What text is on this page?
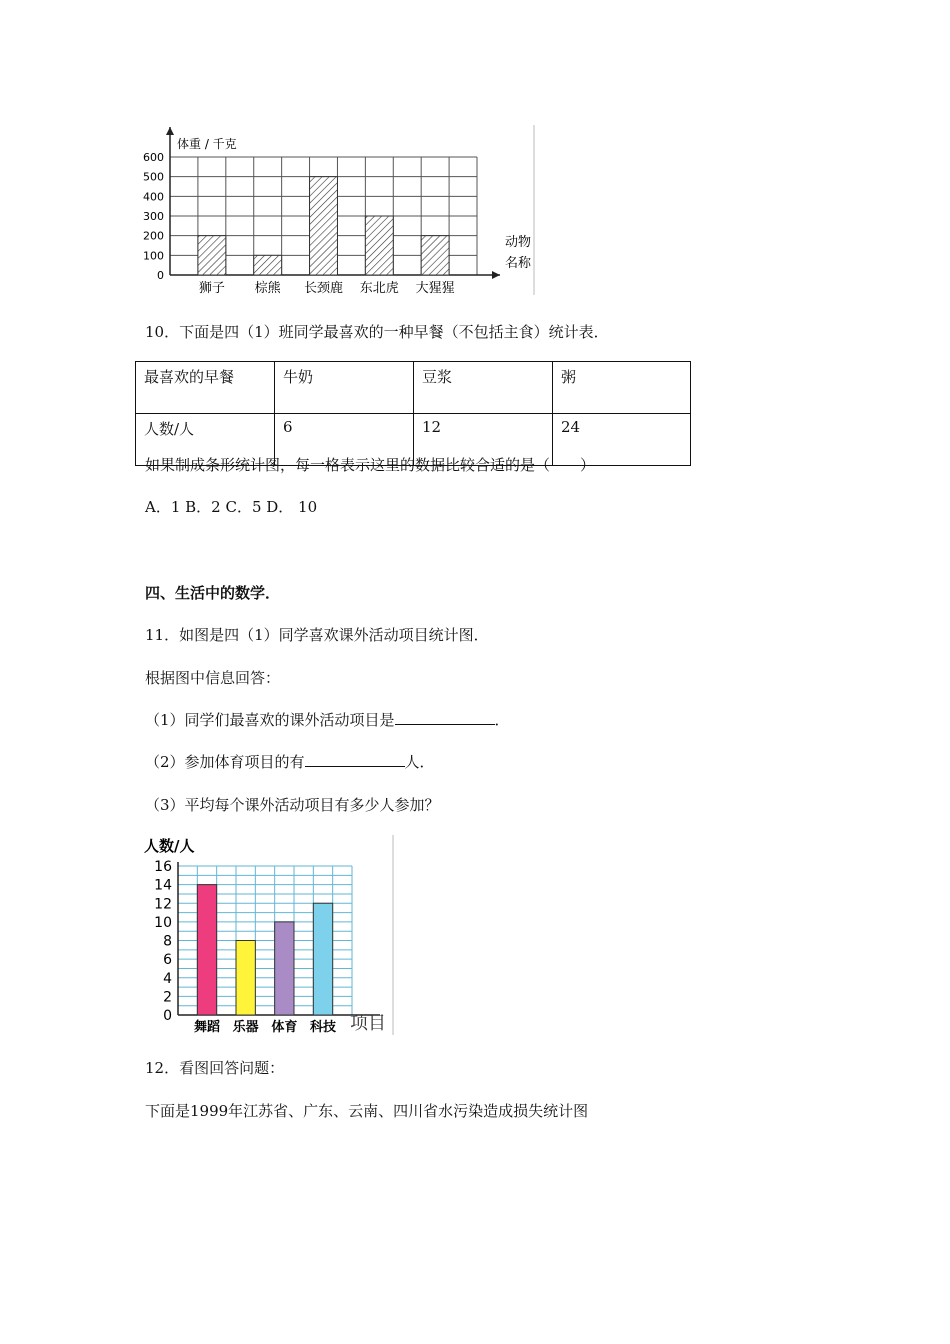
0
100
200
300
400
500
600
狮子 棕熊 长颈鹿 东北虎 大猩猩
体重 / 千克
动物
名称
10．下面是四（1）班同学最喜欢的一种早餐（不包括主食）统计表．
最喜欢的早餐	牛奶	豆浆	粥
人数/人	6	12	24
如果制成条形统计图，每一格表示这里的数据比较合适的是（　　）
A．1 B．2 C．5 D． 10
四、生活中的数学．
11．如图是四（1）同学喜欢课外活动项目统计图．
根据图中信息回答：
（1）同学们最喜欢的课外活动项目是	．
（2）参加体育项目的有	人．
（3）平均每个课外活动项目有多少人参加？
0
2
4
6
8
10
12
14
16
舞蹈 乐器 体育 科技
人数/人
项目
12．看图回答问题：
下面是1999年江苏省、广东、云南、四川省水污染造成损失统计图
